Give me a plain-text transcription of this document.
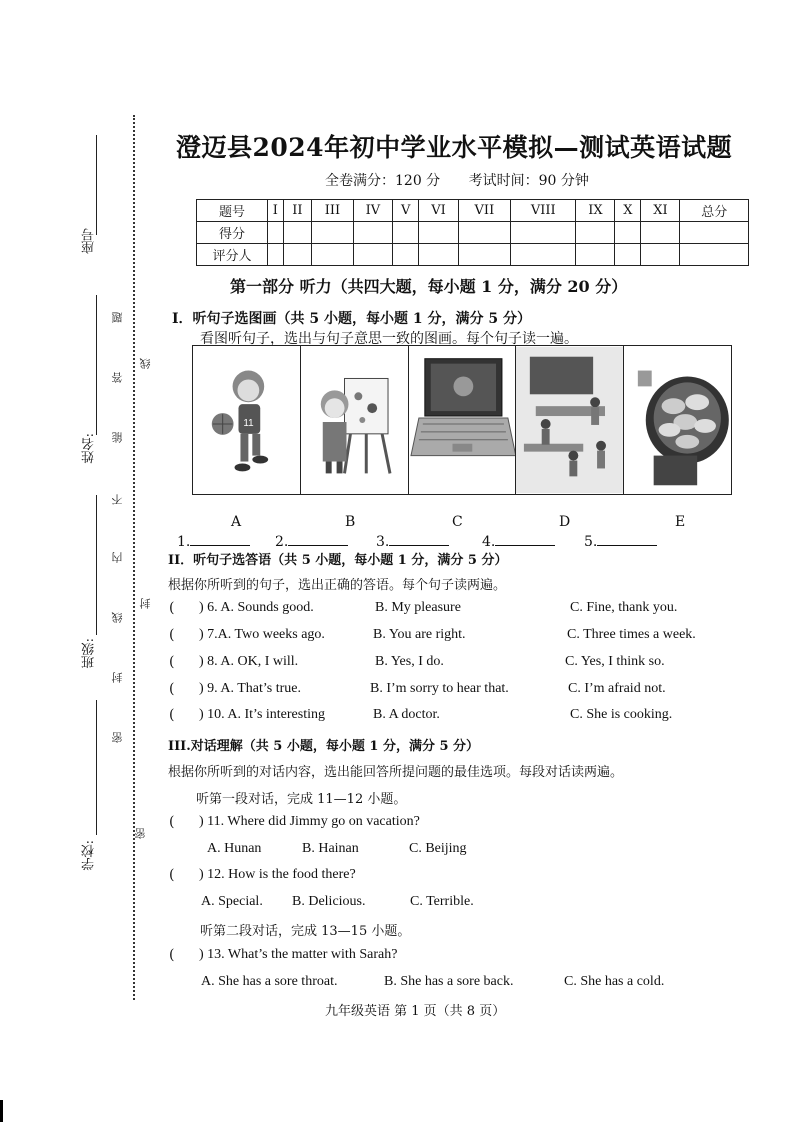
座号
姓名:
班级:
学校:
题
线
答
能
不
内
封
线
封
密
密
澄迈县2024年初中学业水平模拟—测试英语试题
全卷满分：120 分 考试时间：90 分钟
题号	I	II	III	IV	V	VI	VII	VIII	IX	X	XI	总分
得分												
评分人												
第一部分 听力（共四大题，每小题 1 分，满分 20 分）
I．听句子选图画（共 5 小题，每小题 1 分，满分 5 分）
看图听句子，选出与句子意思一致的图画。每个句子读一遍。
11
A	B	C	D	E
1.	2.	3.	4.	5.
II．听句子选答语（共 5 小题，每小题 1 分，满分 5 分）
根据你所听到的句子，选出正确的答语。每个句子读两遍。
( ) 6. A. Sounds good.	B. My pleasure	C. Fine, thank you.
( ) 7.A. Two weeks ago.	B. You are right.	C. Three times a week.
( ) 8. A. OK, I will.	B. Yes, I do.	C. Yes, I think so.
( ) 9. A. That’s true.	B. I’m sorry to hear that.	C. I’m afraid not.
( ) 10. A. It’s interesting	B. A doctor.	C. She is cooking.
III.对话理解（共 5 小题，每小题 1 分，满分 5 分）
根据你所听到的对话内容，选出能回答所提问题的最佳选项。每段对话读两遍。
听第一段对话，完成 11—12 小题。
( ) 11. Where did Jimmy go on vacation?
A. Hunan	B. Hainan	C. Beijing
( ) 12. How is the food there?
A. Special. B. Delicious.	C. Terrible.
听第二段对话，完成 13—15 小题。
( ) 13. What’s the matter with Sarah?
A. She has a sore throat.	B. She has a sore back.	C. She has a cold.
九年级英语 第 1 页（共 8 页）
